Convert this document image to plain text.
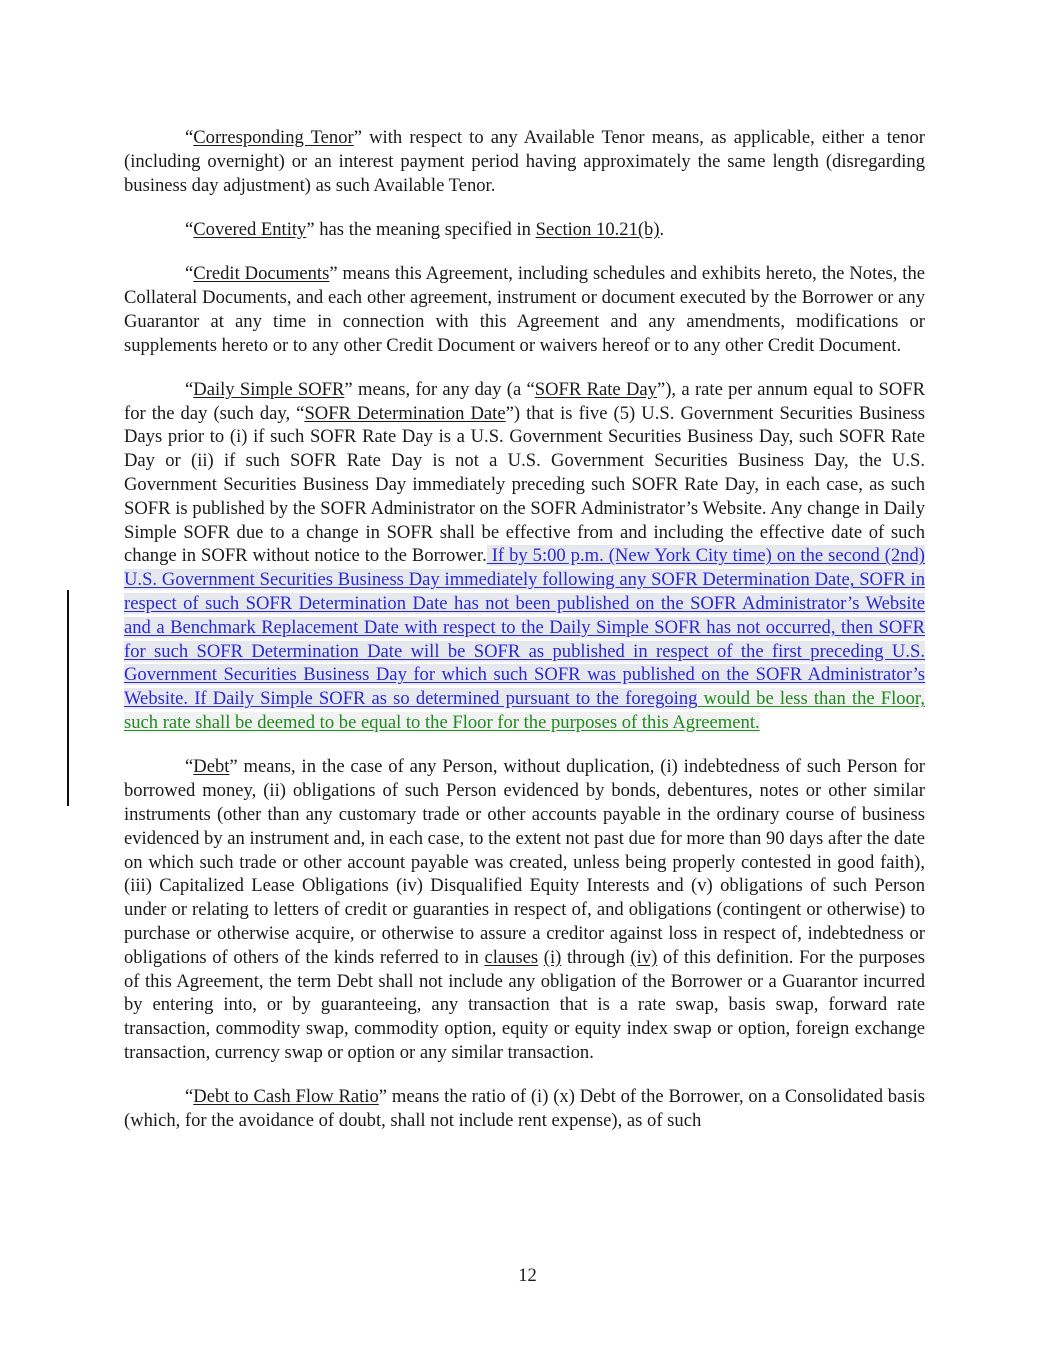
“Corresponding Tenor” with respect to any Available Tenor means, as applicable, either a tenor (including overnight) or an interest payment period having approximately the same length (disregarding business day adjustment) as such Available Tenor.

“Covered Entity” has the meaning specified in Section 10.21(b).

“Credit Documents” means this Agreement, including schedules and exhibits hereto, the Notes, the Collateral Documents, and each other agreement, instrument or document executed by the Borrower or any Guarantor at any time in connection with this Agreement and any amendments, modifications or supplements hereto or to any other Credit Document or waivers hereof or to any other Credit Document.

“Daily Simple SOFR” means, for any day (a “SOFR Rate Day”), a rate per annum equal to SOFR for the day (such day, “SOFR Determination Date”) that is five (5) U.S. Government Securities Business Days prior to (i) if such SOFR Rate Day is a U.S. Government Securities Business Day, such SOFR Rate Day or (ii) if such SOFR Rate Day is not a U.S. Government Securities Business Day, the U.S. Government Securities Business Day immediately preceding such SOFR Rate Day, in each case, as such SOFR is published by the SOFR Administrator on the SOFR Administrator’s Website. Any change in Daily Simple SOFR due to a change in SOFR shall be effective from and including the effective date of such change in SOFR without notice to the Borrower. If by 5:00 p.m. (New York City time) on the second (2nd) U.S. Government Securities Business Day immediately following any SOFR Determination Date, SOFR in respect of such SOFR Determination Date has not been published on the SOFR Administrator’s Website and a Benchmark Replacement Date with respect to the Daily Simple SOFR has not occurred, then SOFR for such SOFR Determination Date will be SOFR as published in respect of the first preceding U.S. Government Securities Business Day for which such SOFR was published on the SOFR Administrator’s Website. If Daily Simple SOFR as so determined pursuant to the foregoing would be less than the Floor, such rate shall be deemed to be equal to the Floor for the purposes of this Agreement.

“Debt” means, in the case of any Person, without duplication, (i) indebtedness of such Person for borrowed money, (ii) obligations of such Person evidenced by bonds, debentures, notes or other similar instruments (other than any customary trade or other accounts payable in the ordinary course of business evidenced by an instrument and, in each case, to the extent not past due for more than 90 days after the date on which such trade or other account payable was created, unless being properly contested in good faith), (iii) Capitalized Lease Obligations (iv) Disqualified Equity Interests and (v) obligations of such Person under or relating to letters of credit or guaranties in respect of, and obligations (contingent or otherwise) to purchase or otherwise acquire, or otherwise to assure a creditor against loss in respect of, indebtedness or obligations of others of the kinds referred to in clauses (i) through (iv) of this definition. For the purposes of this Agreement, the term Debt shall not include any obligation of the Borrower or a Guarantor incurred by entering into, or by guaranteeing, any transaction that is a rate swap, basis swap, forward rate transaction, commodity swap, commodity option, equity or equity index swap or option, foreign exchange transaction, currency swap or option or any similar transaction.

“Debt to Cash Flow Ratio” means the ratio of (i) (x) Debt of the Borrower, on a Consolidated basis (which, for the avoidance of doubt, shall not include rent expense), as of such

12
